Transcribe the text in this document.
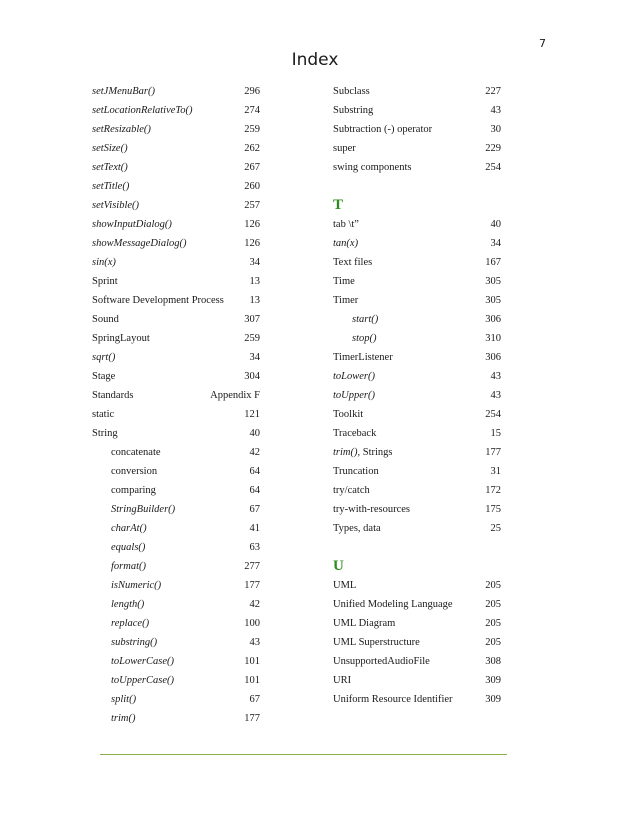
7
Index
setJMenuBar()	296
setLocationRelativeTo()	274
setResizable()	259
setSize()	262
setText()	267
setTitle()	260
setVisible()	257
showInputDialog()	126
showMessageDialog()	126
sin(x)	34
Sprint	13
Software Development Process 13
Sound	307
SpringLayout	259
sqrt()	34
Stage	304
Standards	Appendix F
static	121
String	40
concatenate	42
conversion	64
comparing	64
StringBuilder()	67
charAt()	41
equals()	63
format()	277
isNumeric()	177
length()	42
replace()	100
substring()	43
toLowerCase()	101
toUpperCase()	101
split()	67
trim()	177
Subclass	227
Substring	43
Subtraction (-) operator	30
super	229
swing components	254
T
tab \t”	40
tan(x)	34
Text files	167
Time	305
Timer	305
start()	306
stop()	310
TimerListener	306
toLower()	43
toUpper()	43
Toolkit	254
Traceback	15
trim(), Strings	177
Truncation	31
try/catch	172
try-with-resources	175
Types, data	25
U
UML	205
Unified Modeling Language	205
UML Diagram	205
UML Superstructure	205
UnsupportedAudioFile	308
URI	309
Uniform Resource Identifier	309
